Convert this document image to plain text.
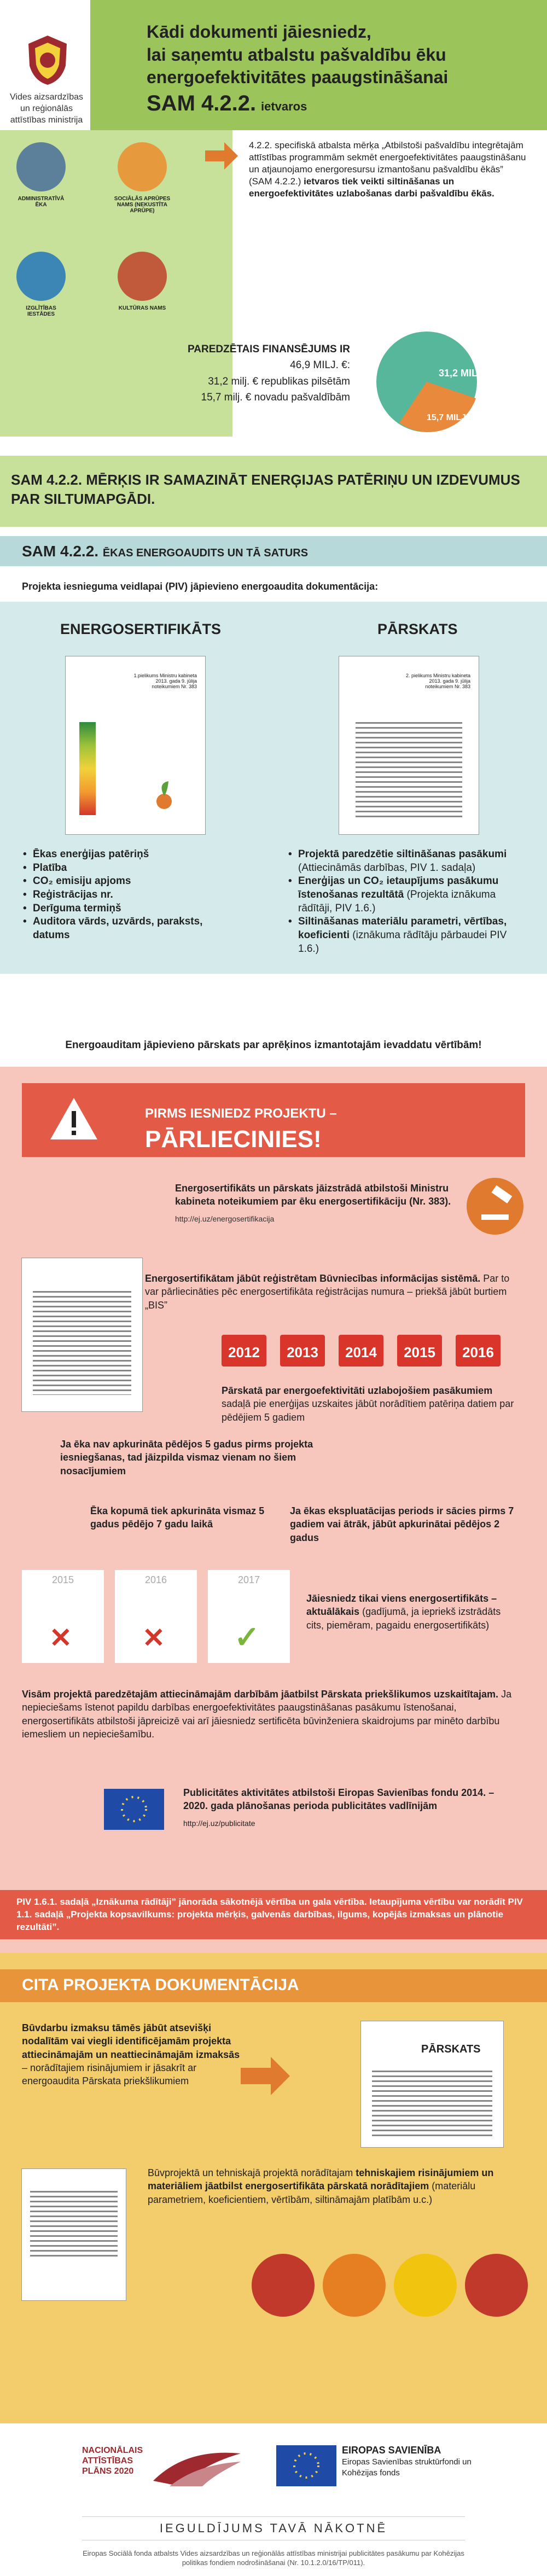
Vides aizsardzības un reģionālās attīstības ministrija
Kādi dokumenti jāiesniedz,
lai saņemtu atbalstu pašvaldību ēku
energoefektivitātes paaugstināšanai
SAM 4.2.2. ietvaros
ADMINISTRATĪVĀ ĒKA
SOCIĀLĀS APRŪPES NAMS (NEKUSTĪTA APRŪPE)
IZGLĪTĪBAS IESTĀDES
KULTŪRAS NAMS
4.2.2. specifiskā atbalsta mērķa „Atbilstoši pašvaldību integrētajām attīstības programmām sekmēt energoefektivitātes paaugstināšanu un atjaunojamo energoresursu izmantošanu pašvaldību ēkās” (SAM 4.2.2.) ietvaros tiek veikti siltināšanas un energoefektivitātes uzlabošanas darbi pašvaldību ēkās.
PAREDZĒTAIS FINANSĒJUMS IR
46,9 MILJ. €:
31,2 milj. € republikas pilsētām
15,7 milj. € novadu pašvaldībām
31,2 MILJ. €
15,7 MILJ. €
SAM 4.2.2. MĒRĶIS IR SAMAZINĀT ENERĢIJAS PATĒRIŅU UN IZDEVUMUS PAR SILTUMAPGĀDI.
SAM 4.2.2. ĒKAS ENERGOAUDITS UN TĀ SATURS
Projekta iesnieguma veidlapai (PIV) jāpievieno energoaudita dokumentācija:
ENERGOSERTIFIKĀTS	PĀRSKATS
1.pielikums Ministru kabineta 2013. gada 9. jūlija noteikumiem Nr. 383
2. pielikums Ministru kabineta 2013. gada 9. jūlija noteikumiem Nr. 383
• Ēkas enerģijas patēriņš
• Platība
• CO₂ emisiju apjoms
• Reģistrācijas nr.
• Derīguma termiņš
• Auditora vārds, uzvārds, paraksts, datums
• Projektā paredzētie siltināšanas pasākumi (Attiecināmās darbības, PIV 1. sadaļa)
• Enerģijas un CO₂ ietaupījums pasākumu īstenošanas rezultātā (Projekta iznākuma rādītāji, PIV 1.6.)
• Siltināšanas materiālu parametri, vērtības, koeficienti (iznākuma rādītāju pārbaudei PIV 1.6.)
Energoauditam jāpievieno pārskats par aprēķinos izmantotajām ievaddatu vērtībām!
PIRMS IESNIEDZ PROJEKTU –
PĀRLIECINIES!
Energosertifikāts un pārskats jāizstrādā atbilstoši Ministru kabineta noteikumiem par ēku energosertifikāciju (Nr. 383).
http://ej.uz/energosertifikacija
Energosertifikātam jābūt reģistrētam Būvniecības informācijas sistēmā. Par to var pārliecināties pēc energosertifikāta reģistrācijas numura – priekšā jābūt burtiem „BIS”
2012	2013	2014	2015	2016
Pārskatā par energoefektivitāti uzlabojošiem pasākumiem sadaļā pie enerģijas uzskaites jābūt norādītiem patēriņa datiem par pēdējiem 5 gadiem
Ja ēka nav apkurināta pēdējos 5 gadus pirms projekta iesniegšanas, tad jāizpilda vismaz vienam no šiem nosacījumiem
Ēka kopumā tiek apkurināta vismaz 5 gadus pēdējo 7 gadu laikā
Ja ēkas ekspluatācijas periods ir sācies pirms 7 gadiem vai ātrāk, jābūt apkurinātai pēdējos 2 gadus
2015
✕
2016
✕
2017
✓
Jāiesniedz tikai viens energosertifikāts – aktuālākais (gadījumā, ja iepriekš izstrādāts cits, piemēram, pagaidu energosertifikāts)
Visām projektā paredzētajām attiecināmajām darbībām jāatbilst Pārskata priekšlikumos uzskaitītajam. Ja nepieciešams īstenot papildu darbības energoefektivitātes paaugstināšanas pasākumu īstenošanai, energosertifikāts atbilstoši jāpreicizē vai arī jāiesniedz sertificēta būvinženiera skaidrojums par minēto darbību iemesliem un nepieciešamību.
Publicitātes aktivitātes atbilstoši Eiropas Savienības fondu 2014. – 2020. gada plānošanas perioda publicitātes vadlīnijām
http://ej.uz/publicitate
PIV 1.6.1. sadaļā „Iznākuma rādītāji” jānorāda sākotnējā vērtība un gala vērtība. Ietaupījuma vērtību var norādīt PIV 1.1. sadaļā „Projekta kopsavilkums: projekta mērķis, galvenās darbības, ilgums, kopējās izmaksas un plānotie rezultāti”.
CITA PROJEKTA DOKUMENTĀCIJA
Būvdarbu izmaksu tāmēs jābūt atsevišķi nodalītām vai viegli identificējamām projekta attiecināmajām un neattiecināmajām izmaksās – norādītajiem risinājumiem ir jāsakrīt ar energoaudita Pārskata priekšlikumiem
PĀRSKATS
Būvprojektā un tehniskajā projektā norādītajam tehniskajiem risinājumiem un materiāliem jāatbilst energosertifikāta pārskatā norādītajiem (materiālu parametriem, koeficientiem, vērtībām, siltināmajām platībām u.c.)
NACIONĀLAIS
ATTĪSTĪBAS
PLĀNS 2020
EIROPAS SAVIENĪBA
Eiropas Savienības struktūrfondi un Kohēzijas fonds
IEGULDĪJUMS TAVĀ NĀKOTNĒ
Eiropas Sociālā fonda atbalsts Vides aizsardzības un reģionālās attīstības ministrijai publicitātes pasākumu par Kohēzijas politikas fondiem nodrošināšanai (Nr. 10.1.2.0/16/TP/011).
